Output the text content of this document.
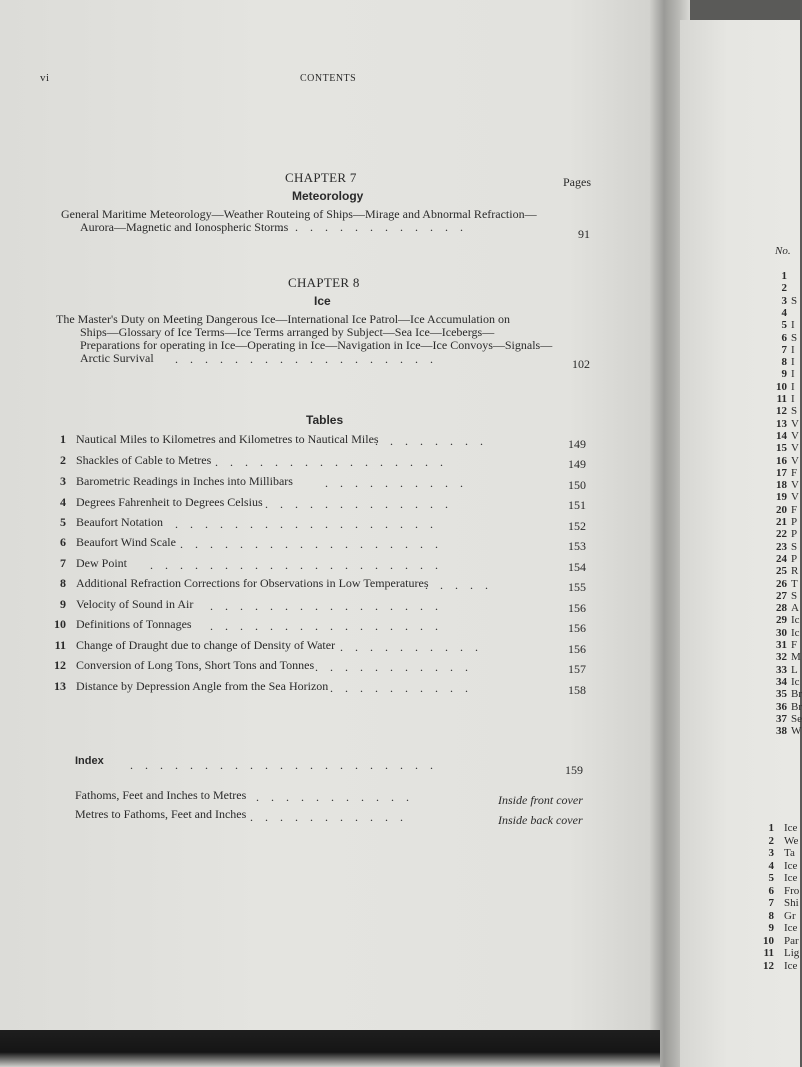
vi	CONTENTS
CHAPTER 7	Pages
Meteorology
General Maritime Meteorology—Weather Routeing of Ships—Mirage and Abnormal Refraction—
Aurora—Magnetic and Ionospheric Storms
.    .    .    .    .    .    .    .    .    .    .    .    .	91
CHAPTER 8
Ice
The Master's Duty on Meeting Dangerous Ice—International Ice Patrol—Ice Accumulation on
Ships—Glossary of Ice Terms—Ice Terms arranged by Subject—Sea Ice—Icebergs—
Preparations for operating in Ice—Operating in Ice—Navigation in Ice—Ice Convoys—Signals—
Arctic Survival .    .    .    .    .    .    .    .    .    .    .    .    .    .    .    .    .    .	102
Tables
1 Nautical Miles to Kilometres and Kilometres to Nautical Miles
.    .    .    .    .    .    .    .	149
2 Shackles of Cable to Metres .    .    .    .    .    .    .    .    .    .    .    .    .    .    .    .	149
3 Barometric Readings in Inches into Millibars	.    .    .    .    .    .    .    .    .    .	150
4 Degrees Fahrenheit to Degrees Celsius .    .    .    .    .    .    .    .    .    .    .    .    .	151
5 Beaufort Notation .    .    .    .    .    .    .    .    .    .    .    .    .    .    .    .    .    .	152
6 Beaufort Wind Scale .    .    .    .    .    .    .    .    .    .    .    .    .    .    .    .    .    .	153
7 Dew Point .    .    .    .    .    .    .    .    .    .    .    .    .    .    .    .    .    .    .    .	154
8 Additional Refraction Corrections for Observations in Low Temperatures
.    .    .    .    .	155
9 Velocity of Sound in Air .    .    .    .    .    .    .    .    .    .    .    .    .    .    .    .	156
10 Definitions of Tonnages .    .    .    .    .    .    .    .    .    .    .    .    .    .    .    .	156
11 Change of Draught due to change of Density of Water .    .    .    .    .    .    .    .    .    .	156
12 Conversion of Long Tons, Short Tons and Tonnes .    .    .    .    .    .    .    .    .    .    .	157
13 Distance by Depression Angle from the Sea Horizon .    .    .    .    .    .    .    .    .    .	158
Index .    .    .    .    .    .    .    .    .    .    .    .    .    .    .    .    .    .    .    .    .	159
Fathoms, Feet and Inches to Metres .    .    .    .    .    .    .    .    .    .    .	Inside front cover
Metres to Fathoms, Feet and Inches .    .    .    .    .    .    .    .    .    .    .	Inside back cover
No.
1
2
3 S
4
5 I
6 S
7 I
8 I
9 I
10 I
11 I
12 S
13 V
14 V
15 V
16 V
17 F
18 V
19 V
20 F
21 P
22 P
23 S
24 P
25 R
26 T
27 S
28 A
29 Ic
30 Ic
31 F
32 M
33 L
34 Ic
35 Br
36 Br
37 Se
38 W
1 Ice
2 We
3 Ta
4 Ice
5 Ice
6 Fro
7 Shi
8 Gr
9 Ice
10 Par
11 Lig
12 Ice
